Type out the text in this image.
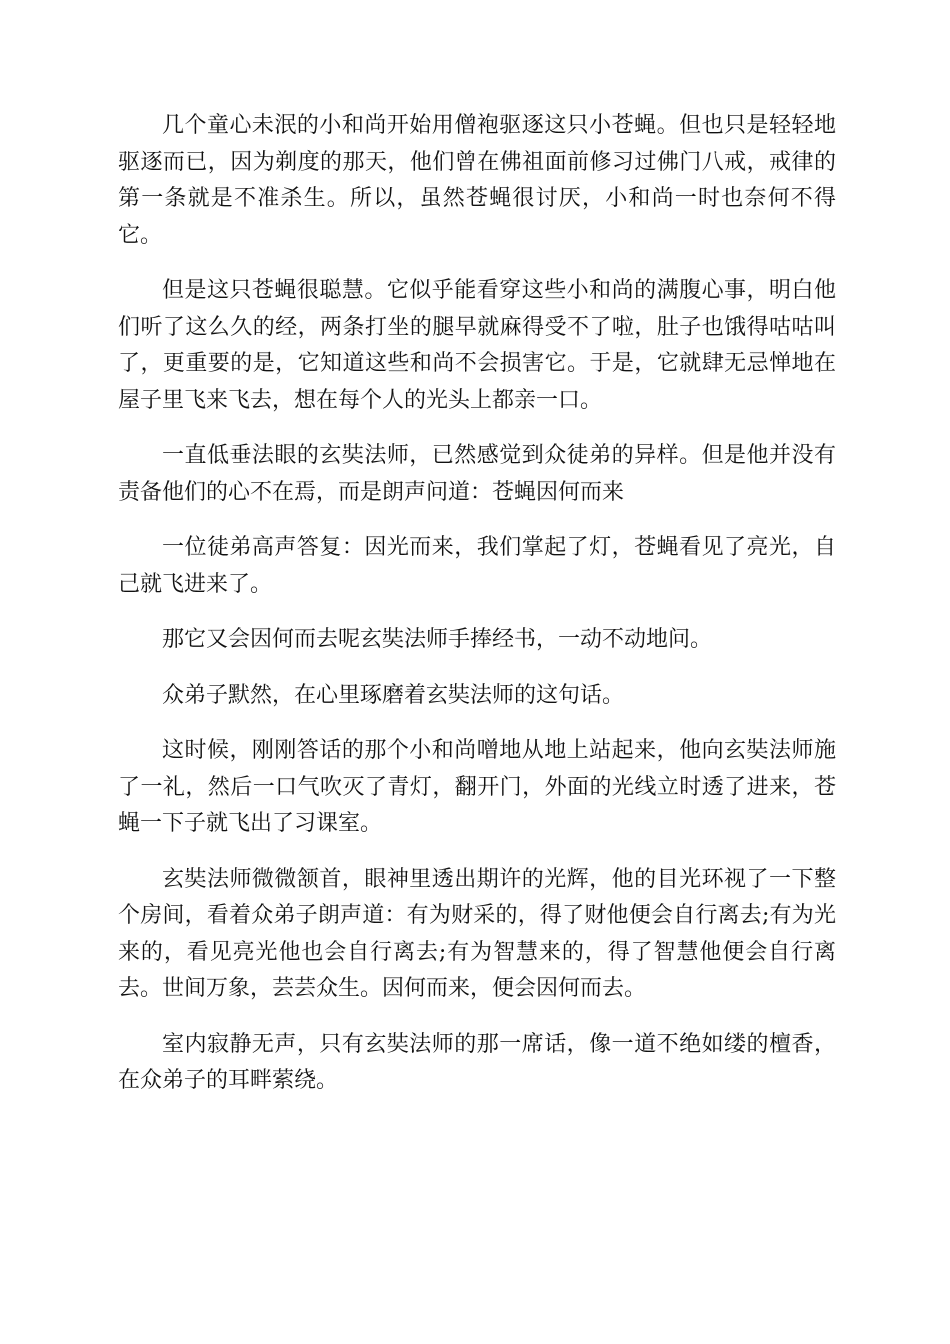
几个童心未泯的小和尚开始用僧袍驱逐这只小苍蝇。但也只是轻轻地驱逐而已，因为剃度的那天，他们曾在佛祖面前修习过佛门八戒，戒律的第一条就是不准杀生。所以，虽然苍蝇很讨厌，小和尚一时也奈何不得它。

但是这只苍蝇很聪慧。它似乎能看穿这些小和尚的满腹心事，明白他们听了这么久的经，两条打坐的腿早就麻得受不了啦，肚子也饿得咕咕叫了，更重要的是，它知道这些和尚不会损害它。于是，它就肆无忌惮地在屋子里飞来飞去，想在每个人的光头上都亲一口。

一直低垂法眼的玄奘法师，已然感觉到众徒弟的异样。但是他并没有责备他们的心不在焉，而是朗声问道：苍蝇因何而来

一位徒弟高声答复：因光而来，我们掌起了灯，苍蝇看见了亮光，自己就飞进来了。

那它又会因何而去呢玄奘法师手捧经书，一动不动地问。

众弟子默然，在心里琢磨着玄奘法师的这句话。

这时候，刚刚答话的那个小和尚噌地从地上站起来，他向玄奘法师施了一礼，然后一口气吹灭了青灯，翻开门，外面的光线立时透了进来，苍蝇一下子就飞出了习课室。

玄奘法师微微颔首，眼神里透出期许的光辉，他的目光环视了一下整个房间，看着众弟子朗声道：有为财采的，得了财他便会自行离去;有为光来的，看见亮光他也会自行离去;有为智慧来的，得了智慧他便会自行离去。世间万象，芸芸众生。因何而来，便会因何而去。

室内寂静无声，只有玄奘法师的那一席话，像一道不绝如缕的檀香，在众弟子的耳畔萦绕。
